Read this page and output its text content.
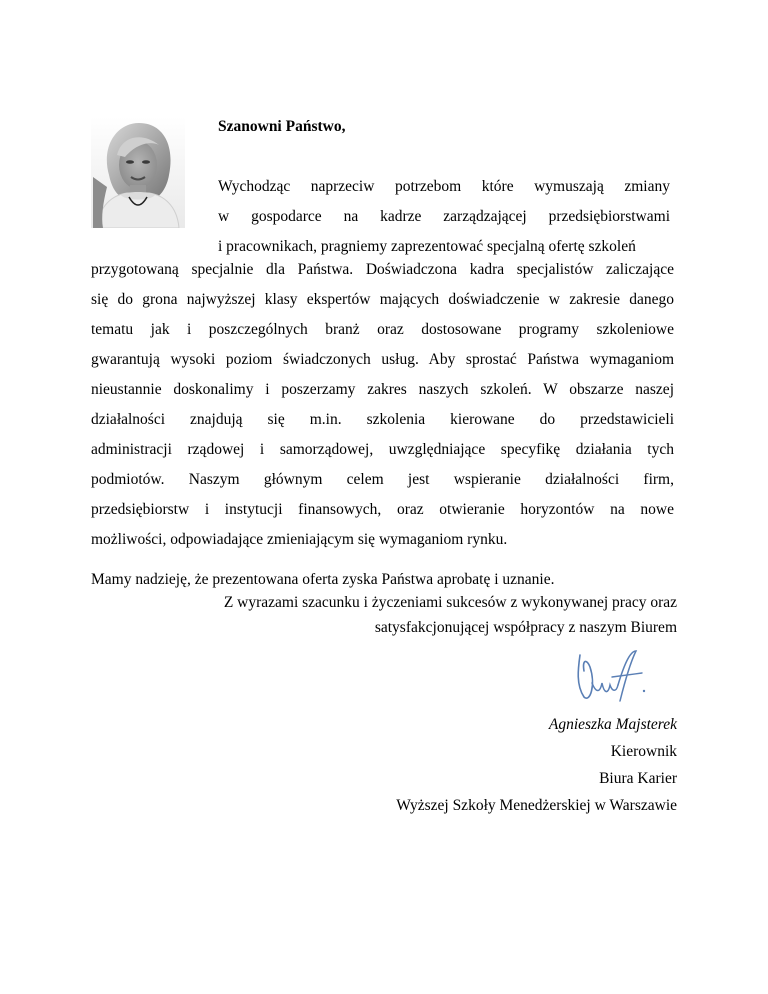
Szanowni Państwo,

Wychodząc naprzeciw potrzebom które wymuszają zmiany

w gospodarce na kadrze zarządzającej przedsiębiorstwami

i pracownikach, pragniemy zaprezentować specjalną ofertę szkoleń

przygotowaną specjalnie dla Państwa. Doświadczona kadra specjalistów zaliczające

się do grona najwyższej klasy ekspertów mających doświadczenie w zakresie danego

tematu jak i poszczególnych branż oraz dostosowane programy szkoleniowe

gwarantują wysoki poziom świadczonych usług. Aby sprostać Państwa wymaganiom

nieustannie doskonalimy i poszerzamy zakres naszych szkoleń. W obszarze naszej

działalności znajdują się m.in. szkolenia kierowane do przedstawicieli

administracji rządowej i samorządowej, uwzględniające specyfikę działania tych

podmiotów. Naszym głównym celem jest wspieranie działalności firm,

przedsiębiorstw i instytucji finansowych, oraz otwieranie horyzontów na nowe

możliwości, odpowiadające zmieniającym się wymaganiom rynku.

Mamy nadzieję, że prezentowana oferta zyska Państwa aprobatę i uznanie.

Z wyrazami szacunku i życzeniami sukcesów z wykonywanej pracy oraz

satysfakcjonującej współpracy z naszym Biurem

Agnieszka Majsterek

Kierownik

Biura Karier

Wyższej Szkoły Menedżerskiej w Warszawie
